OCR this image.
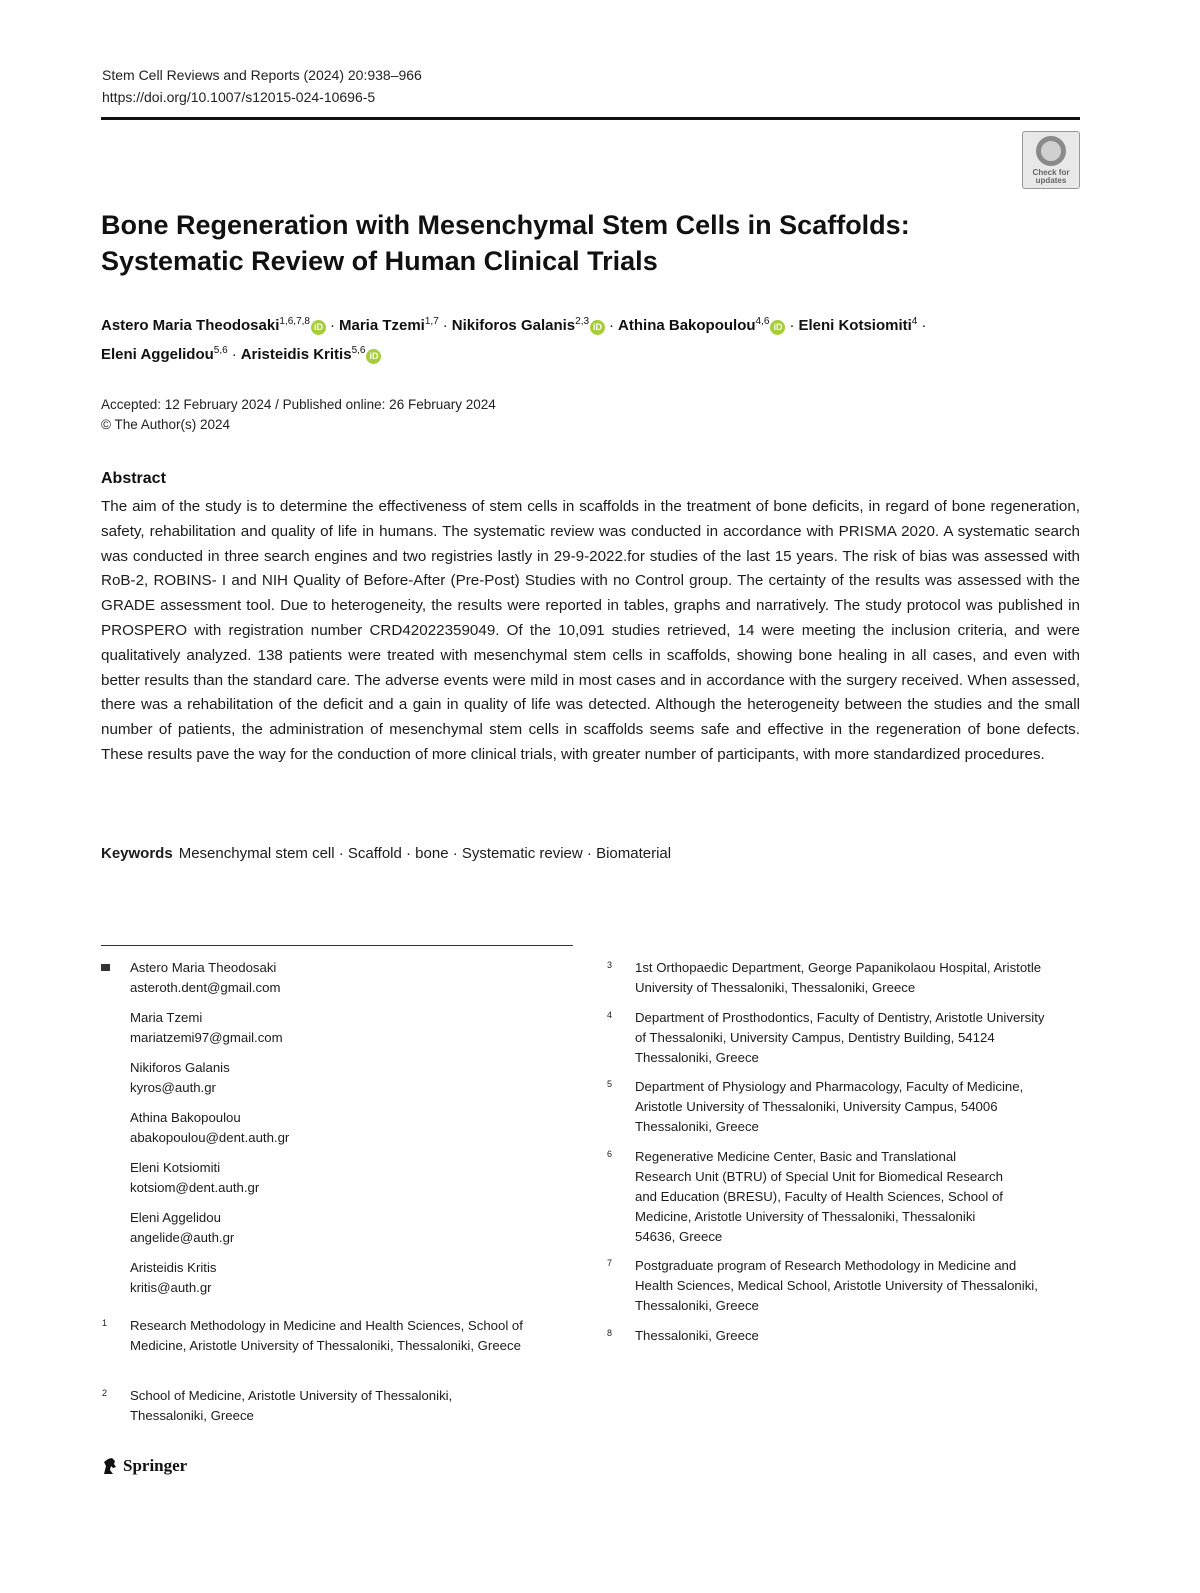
Stem Cell Reviews and Reports (2024) 20:938–966
https://doi.org/10.1007/s12015-024-10696-5
Check for updates
Bone Regeneration with Mesenchymal Stem Cells in Scaffolds:
Systematic Review of Human Clinical Trials
Astero Maria Theodosaki$^{1,6,7,8}$ iD · Maria Tzemi$^{1,7}$ · Nikiforos Galanis$^{2,3}$ iD · Athina Bakopoulou$^{4,6}$ iD · Eleni Kotsiomiti$^4$ ·
Eleni Aggelidou$^{5,6}$ · Aristeidis Kritis$^{5,6}$ iD
Accepted: 12 February 2024 / Published online: 26 February 2024
© The Author(s) 2024
Abstract
The aim of the study is to determine the effectiveness of stem cells in scaffolds in the treatment of bone deficits, in regard of bone regeneration, safety, rehabilitation and quality of life in humans. The systematic review was conducted in accordance with PRISMA 2020. A systematic search was conducted in three search engines and two registries lastly in 29-9-2022.for studies of the last 15 years. The risk of bias was assessed with RoB-2, ROBINS- I and NIH Quality of Before-After (Pre-Post) Studies with no Control group. The certainty of the results was assessed with the GRADE assessment tool. Due to heterogeneity, the results were reported in tables, graphs and narratively. The study protocol was published in PROSPERO with registration number CRD42022359049. Of the 10,091 studies retrieved, 14 were meeting the inclusion criteria, and were qualitatively analyzed. 138 patients were treated with mesenchymal stem cells in scaffolds, showing bone healing in all cases, and even with better results than the standard care. The adverse events were mild in most cases and in accordance with the surgery received. When assessed, there was a rehabilitation of the deficit and a gain in quality of life was detected. Although the heterogeneity between the studies and the small number of patients, the administration of mesenchymal stem cells in scaffolds seems safe and effective in the regeneration of bone defects. These results pave the way for the conduction of more clinical trials, with greater number of participants, with more standardized procedures.
Keywords Mesenchymal stem cell · Scaffold · bone · Systematic review · Biomaterial
Astero Maria Theodosaki
asteroth.dent@gmail.com
Maria Tzemi
mariatzemi97@gmail.com
Nikiforos Galanis
kyros@auth.gr
Athina Bakopoulou
abakopoulou@dent.auth.gr
Eleni Kotsiomiti
kotsiom@dent.auth.gr
Eleni Aggelidou
angelide@auth.gr
Aristeidis Kritis
kritis@auth.gr
1 Research Methodology in Medicine and Health Sciences, School of Medicine, Aristotle University of Thessaloniki, Thessaloniki, Greece
2 School of Medicine, Aristotle University of Thessaloniki, Thessaloniki, Greece
3 1st Orthopaedic Department, George Papanikolaou Hospital, Aristotle University of Thessaloniki, Thessaloniki, Greece
4 Department of Prosthodontics, Faculty of Dentistry, Aristotle University of Thessaloniki, University Campus, Dentistry Building, 54124 Thessaloniki, Greece
5 Department of Physiology and Pharmacology, Faculty of Medicine, Aristotle University of Thessaloniki, University Campus, 54006 Thessaloniki, Greece
6 Regenerative Medicine Center, Basic and Translational Research Unit (BTRU) of Special Unit for Biomedical Research and Education (BRESU), Faculty of Health Sciences, School of Medicine, Aristotle University of Thessaloniki, Thessaloniki 54636, Greece
7 Postgraduate program of Research Methodology in Medicine and Health Sciences, Medical School, Aristotle University of Thessaloniki, Thessaloniki, Greece
8 Thessaloniki, Greece
Springer
